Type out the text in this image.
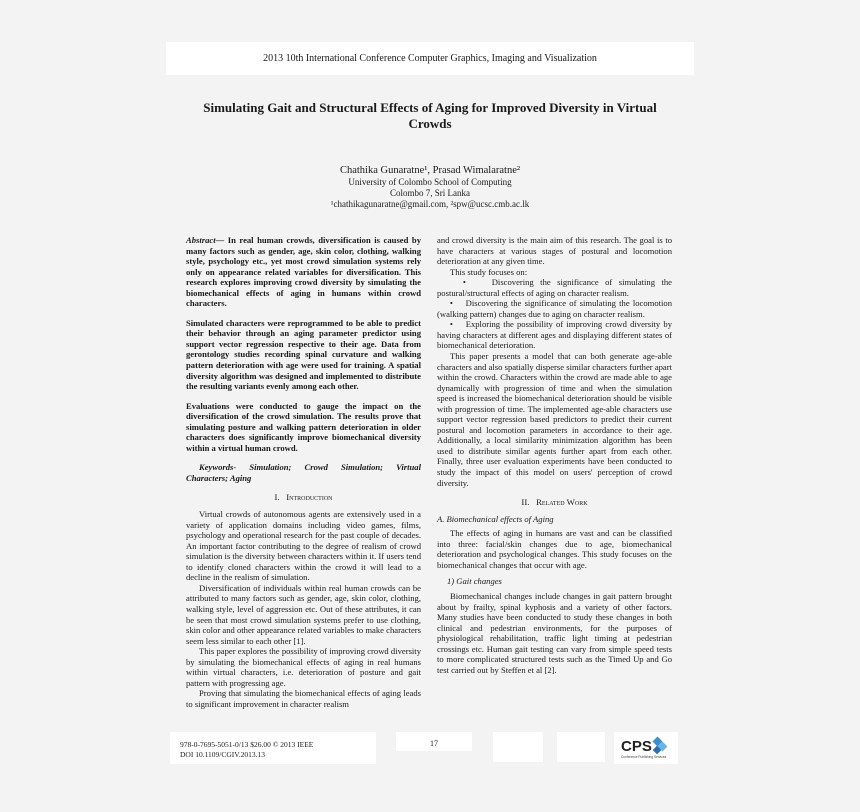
2013 10th International Conference Computer Graphics, Imaging and Visualization
Simulating Gait and Structural Effects of Aging for Improved Diversity in Virtual Crowds
Chathika Gunaratne¹, Prasad Wimalaratne²
University of Colombo School of Computing
Colombo 7, Sri Lanka
¹chathikagunaratne@gmail.com, ²spw@ucsc.cmb.ac.lk

Abstract— In real human crowds, diversification is caused by many factors such as gender, age, skin color, clothing, walking style, psychology etc., yet most crowd simulation systems rely only on appearance related variables for diversification. This research explores improving crowd diversity by simulating the biomechanical effects of aging in humans within crowd characters.

Simulated characters were reprogrammed to be able to predict their behavior through an aging parameter predictor using support vector regression respective to their age. Data from gerontology studies recording spinal curvature and walking pattern deterioration with age were used for training. A spatial diversity algorithm was designed and implemented to distribute the resulting variants evenly among each other.

Evaluations were conducted to gauge the impact on the diversification of the crowd simulation. The results prove that simulating posture and walking pattern deterioration in older characters does significantly improve biomechanical diversity within a virtual human crowd.

Keywords- Simulation; Crowd Simulation; Virtual Characters; Aging

I. Introduction

Virtual crowds of autonomous agents are extensively used in a variety of application domains including video games, films, psychology and operational research for the past couple of decades. An important factor contributing to the degree of realism of crowd simulation is the diversity between characters within it. If users tend to identify cloned characters within the crowd it will lead to a decline in the realism of simulation.

Diversification of individuals within real human crowds can be attributed to many factors such as gender, age, skin color, clothing, walking style, level of aggression etc. Out of these attributes, it can be seen that most crowd simulation systems prefer to use clothing, skin color and other appearance related variables to make characters seem less similar to each other [1].

This paper explores the possibility of improving crowd diversity by simulating the biomechanical effects of aging in real humans within virtual characters, i.e. deterioration of posture and gait pattern with progressing age.

Proving that simulating the biomechanical effects of aging leads to significant improvement in character realism

and crowd diversity is the main aim of this research. The goal is to have characters at various stages of postural and locomotion deterioration at any given time.

This study focuses on:

•    Discovering the significance of simulating the postural/structural effects of aging on character realism.

•    Discovering the significance of simulating the locomotion (walking pattern) changes due to aging on character realism.

•    Exploring the possibility of improving crowd diversity by having characters at different ages and displaying different states of biomechanical deterioration.

This paper presents a model that can both generate age-able characters and also spatially disperse similar characters further apart within the crowd. Characters within the crowd are made able to age dynamically with progression of time and when the simulation speed is increased the biomechanical deterioration should be visible with progression of time. The implemented age-able characters use support vector regression based predictors to predict their current postural and locomotion parameters in accordance to their age. Additionally, a local similarity minimization algorithm has been used to distribute similar agents further apart from each other. Finally, three user evaluation experiments have been conducted to study the impact of this model on users' perception of crowd diversity.

II. Related Work
A. Biomechanical effects of Aging

The effects of aging in humans are vast and can be classified into three: facial/skin changes due to age, biomechanical deterioration and psychological changes. This study focuses on the biomechanical changes that occur with age.

1) Gait changes

Biomechanical changes include changes in gait pattern brought about by frailty, spinal kyphosis and a variety of other factors. Many studies have been conducted to study these changes in both clinical and pedestrian environments, for the purposes of physiological rehabilitation, traffic light timing at pedestrian crossings etc. Human gait testing can vary from simple speed tests to more complicated structured tests such as the Timed Up and Go test carried out by Steffen et al [2].

978-0-7695-5051-0/13 $26.00 © 2013 IEEE
DOI 10.1109/CGIV.2013.13
17	CPS
Conference Publishing Services
